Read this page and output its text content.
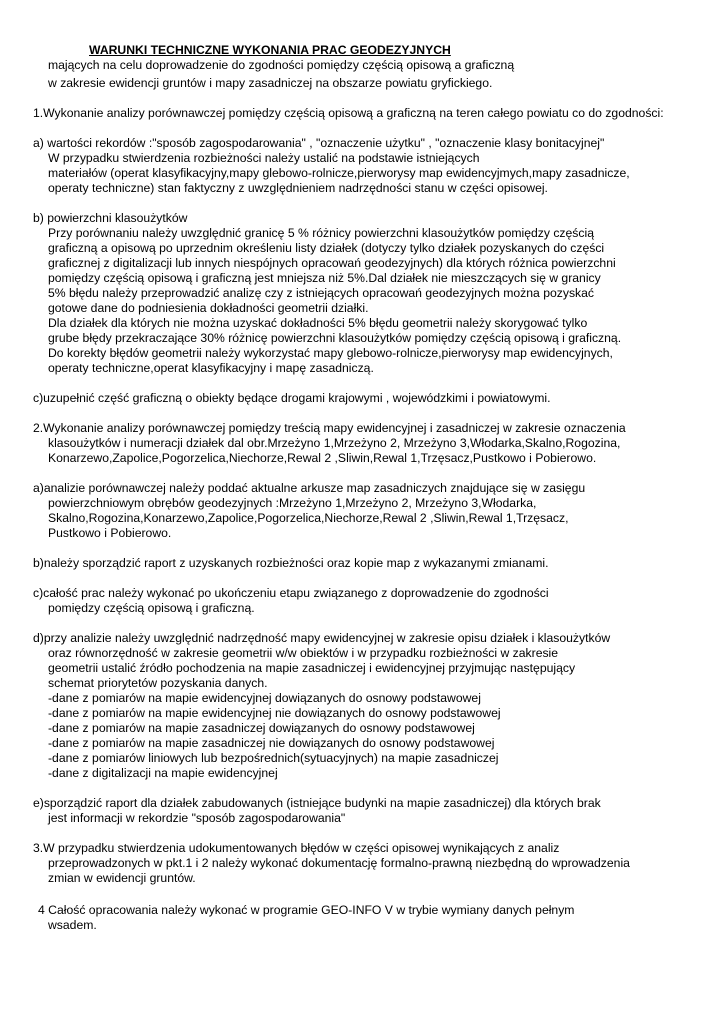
WARUNKI TECHNICZNE WYKONANIA PRAC GEODEZYJNYCH
mających na celu doprowadzenie do zgodności pomiędzy częścią opisową a graficzną
w zakresie ewidencji gruntów i mapy zasadniczej na obszarze powiatu gryfickiego.
1.Wykonanie analizy porównawczej pomiędzy częścią opisową a graficzną na teren całego powiatu co do zgodności:
a) wartości rekordów :"sposób zagospodarowania" , "oznaczenie użytku" , "oznaczenie klasy bonitacyjnej"
W przypadku stwierdzenia rozbieżności należy ustalić na podstawie istniejących
materiałów (operat klasyfikacyjny,mapy glebowo-rolnicze,pierworysy map ewidencyjmych,mapy zasadnicze,
operaty techniczne) stan faktyczny z uwzględnieniem nadrzędności stanu w części opisowej.
b) powierzchni klasoużytków
Przy porównaniu należy uwzględnić granicę 5 % różnicy powierzchni klasoużytków pomiędzy częścią
graficzną a opisową po uprzednim określeniu listy działek (dotyczy tylko działek pozyskanych do części
graficznej z digitalizacji lub innych niespójnych opracowań geodezyjnych) dla których różnica powierzchni
pomiędzy częścią opisową i graficzną jest mniejsza niż 5%.Dal działek nie mieszczących się w granicy
5% błędu należy przeprowadzić analizę czy z istniejących opracowań geodezyjnych można pozyskać
gotowe dane do podniesienia dokładności geometrii działki.
Dla działek dla których nie można uzyskać dokładności 5% błędu geometrii należy skorygować tylko
grube błędy przekraczające 30% różnicę powierzchni klasoużytków pomiędzy częścią opisową i graficzną.
Do korekty błędów geometrii należy wykorzystać mapy glebowo-rolnicze,pierworysy map ewidencyjnych,
operaty techniczne,operat klasyfikacyjny i mapę zasadniczą.
c)uzupełnić część graficzną o obiekty będące drogami krajowymi , wojewódzkimi i powiatowymi.
2.Wykonanie analizy porównawczej pomiędzy treścią mapy ewidencyjnej i zasadniczej w zakresie oznaczenia
klasoużytków i numeracji działek dal obr.Mrzeżyno 1,Mrzeżyno 2, Mrzeżyno 3,Włodarka,Skalno,Rogozina,
Konarzewo,Zapolice,Pogorzelica,Niechorze,Rewal 2 ,Sliwin,Rewal 1,Trzęsacz,Pustkowo i Pobierowo.
a)analizie porównawczej należy poddać aktualne arkusze map zasadniczych znajdujące się w zasięgu
powierzchniowym obrębów geodezyjnych :Mrzeżyno 1,Mrzeżyno 2, Mrzeżyno 3,Włodarka,
Skalno,Rogozina,Konarzewo,Zapolice,Pogorzelica,Niechorze,Rewal 2 ,Sliwin,Rewal 1,Trzęsacz,
Pustkowo i Pobierowo.
b)należy sporządzić raport z uzyskanych rozbieżności oraz kopie map z wykazanymi zmianami.
c)całość prac należy wykonać po ukończeniu etapu związanego z doprowadzenie do zgodności
pomiędzy częścią opisową i graficzną.
d)przy analizie należy uwzględnić nadrzędność mapy ewidencyjnej w zakresie opisu działek i klasoużytków
oraz równorzędność w zakresie geometrii w/w obiektów i w przypadku rozbieżności w zakresie
geometrii ustalić źródło pochodzenia na mapie zasadniczej i ewidencyjnej przyjmując następujący
schemat priorytetów pozyskania danych.
-dane z pomiarów na mapie ewidencyjnej dowiązanych do osnowy podstawowej
-dane z pomiarów na mapie ewidencyjnej nie dowiązanych do osnowy podstawowej
-dane z pomiarów na mapie zasadniczej dowiązanych do osnowy podstawowej
-dane z pomiarów na mapie zasadniczej nie dowiązanych do osnowy podstawowej
-dane z pomiarów liniowych lub bezpośrednich(sytuacyjnych) na mapie zasadniczej
-dane z digitalizacji na mapie ewidencyjnej
e)sporządzić raport dla działek zabudowanych (istniejące budynki na mapie zasadniczej) dla których brak
jest informacji w rekordzie "sposób zagospodarowania"
3.W przypadku stwierdzenia udokumentowanych błędów w części opisowej wynikających z analiz
przeprowadzonych w pkt.1 i 2 należy wykonać dokumentację formalno-prawną niezbędną do wprowadzenia
zmian w ewidencji gruntów.
4 Całość opracowania należy wykonać w programie GEO-INFO V w trybie wymiany danych pełnym
wsadem.
